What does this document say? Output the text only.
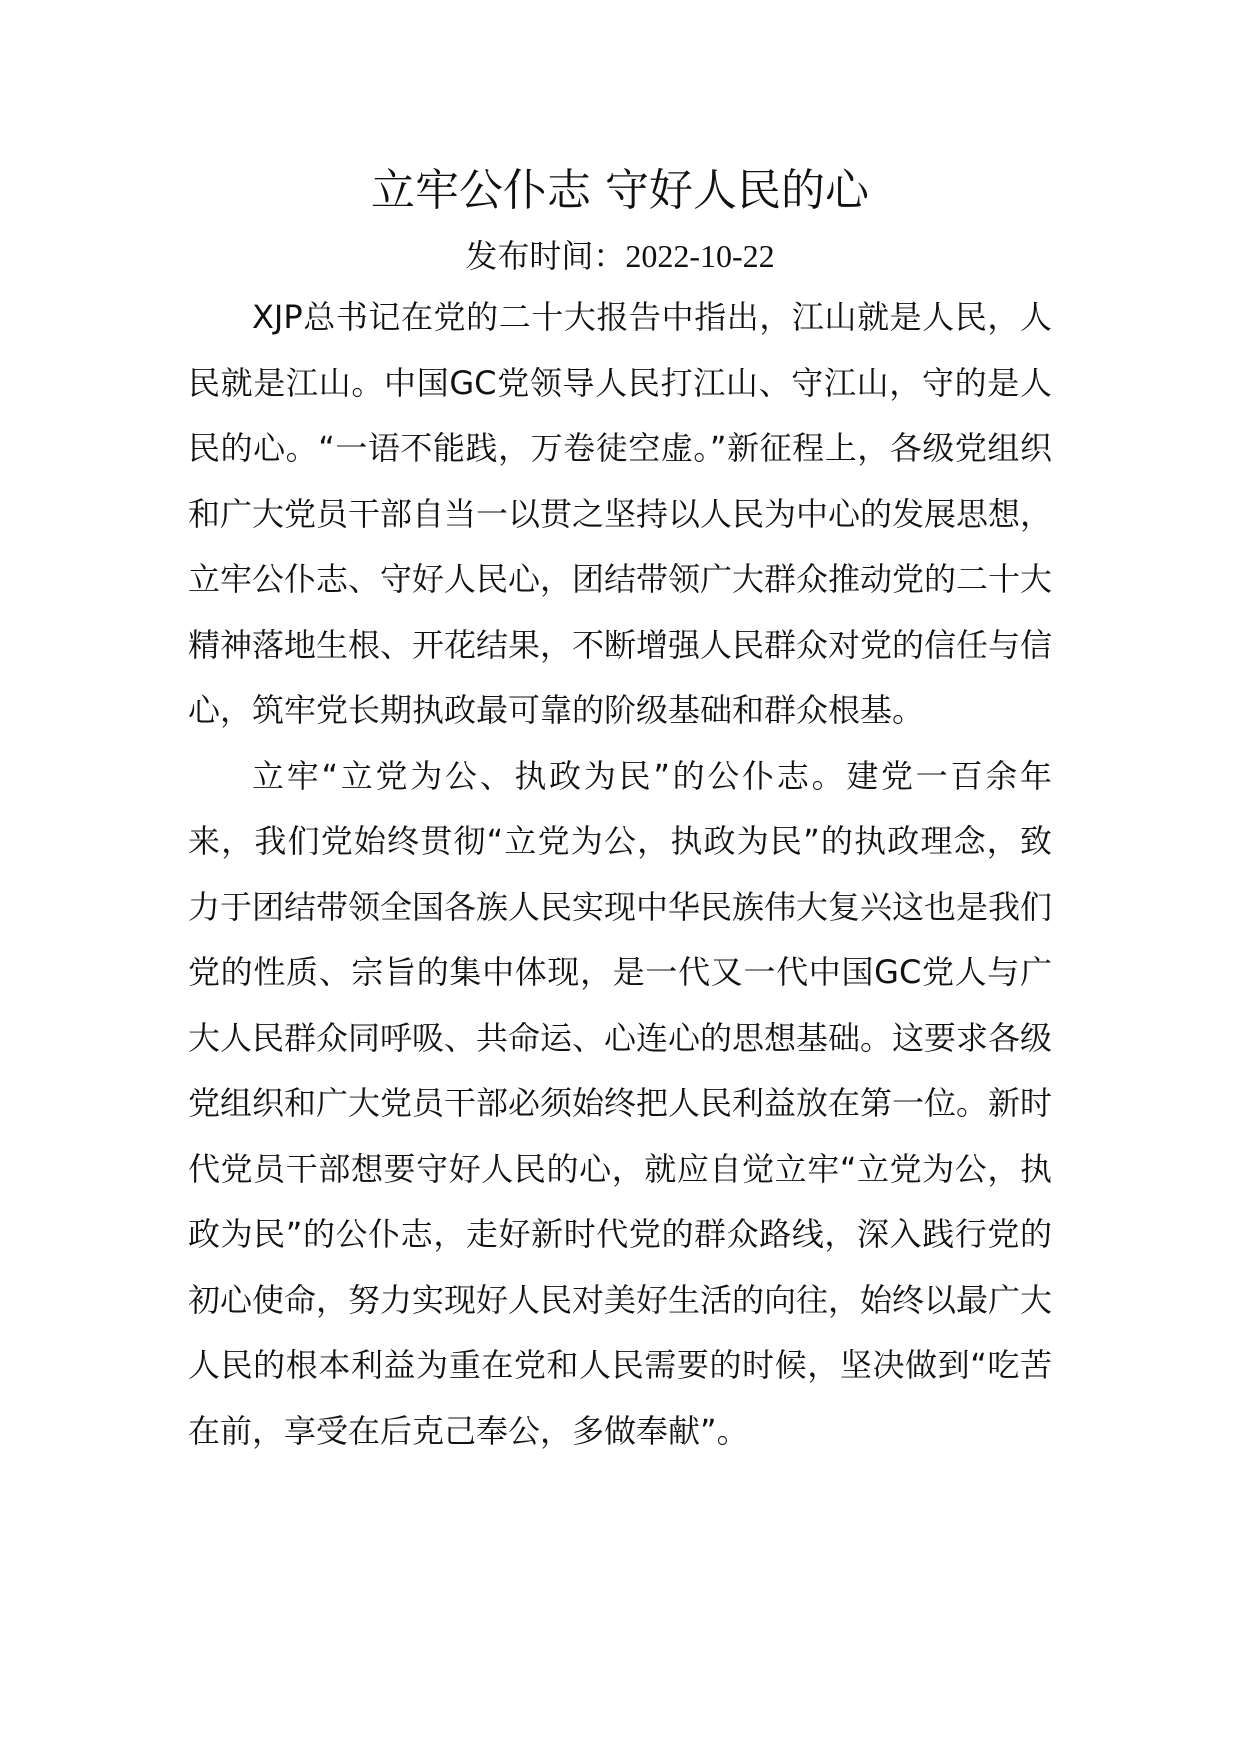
立牢公仆志 守好人民的心

发布时间：2022-10-22

XJP总书记在党的二十大报告中指出，江山就是人民，人民就是江山。中国GC党领导人民打江山、守江山，守的是人民的心。“一语不能践，万卷徒空虚。”新征程上，各级党组织和广大党员干部自当一以贯之坚持以人民为中心的发展思想，立牢公仆志、守好人民心，团结带领广大群众推动党的二十大精神落地生根、开花结果，不断增强人民群众对党的信任与信心，筑牢党长期执政最可靠的阶级基础和群众根基。

立牢“立党为公、执政为民”的公仆志。建党一百余年来，我们党始终贯彻“立党为公，执政为民”的执政理念，致力于团结带领全国各族人民实现中华民族伟大复兴这也是我们党的性质、宗旨的集中体现，是一代又一代中国GC党人与广大人民群众同呼吸、共命运、心连心的思想基础。这要求各级党组织和广大党员干部必须始终把人民利益放在第一位。新时代党员干部想要守好人民的心，就应自觉立牢“立党为公，执政为民”的公仆志，走好新时代党的群众路线，深入践行党的初心使命，努力实现好人民对美好生活的向往，始终以最广大人民的根本利益为重在党和人民需要的时候，坚决做到“吃苦在前，享受在后克己奉公，多做奉献”。
